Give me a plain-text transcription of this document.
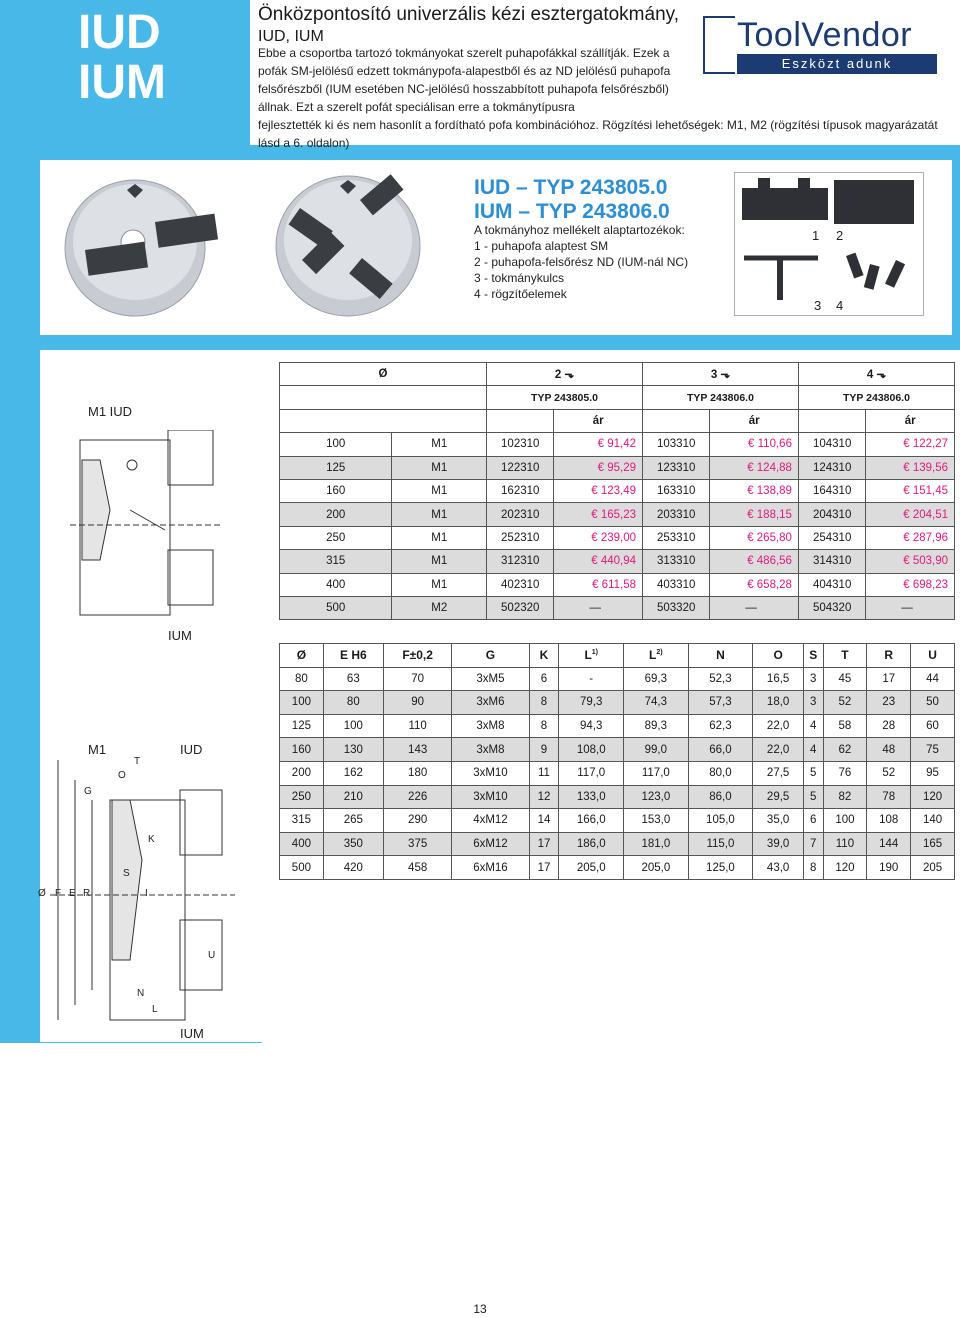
IUD
IUM
Önközpontosító univerzális kézi esztergatokmány,
IUD, IUM
Ebbe a csoportba tartozó tokmányokat szerelt puhapofákkal szállítják. Ezek a pofák SM-jelölésű edzett tokmánypofa-alapestből és az ND jelölésű puhapofa felsőrészből (IUM esetében NC-jelölésű hosszabbított puhapofa felsőrészből) állnak. Ezt a szerelt pofát speciálisan erre a tokmánytípusra
fejlesztették ki és nem hasonlít a fordítható pofa kombinációhoz. Rögzítési lehetőségek: M1, M2 (rögzítési típusok magyarázatát lásd a 6. oldalon)
ToolVendor
Eszközt adunk
IUD – TYP 243805.0
IUM – TYP 243806.0
A tokmányhoz mellékelt alaptartozékok:
1 - puhapofa alaptest SM
2 - puhapofa-felsőrész ND (IUM-nál NC)
3 - tokmánykulcs
4 - rögzítőelemek
1 2
3 4
M1 IUD
IUM
M1	IUD
T
O
G
K
S
Ø F E R	I
U
N
L
IUM
Ø		2 ⬎		3 ⬎		4 ⬎	
		TYP 243805.0		TYP 243806.0		TYP 243806.0	
			ár		ár		ár
100	M1	102310	€ 91,42	103310	€ 110,66	104310	€ 122,27
125	M1	122310	€ 95,29	123310	€ 124,88	124310	€ 139,56
160	M1	162310	€ 123,49	163310	€ 138,89	164310	€ 151,45
200	M1	202310	€ 165,23	203310	€ 188,15	204310	€ 204,51
250	M1	252310	€ 239,00	253310	€ 265,80	254310	€ 287,96
315	M1	312310	€ 440,94	313310	€ 486,56	314310	€ 503,90
400	M1	402310	€ 611,58	403310	€ 658,28	404310	€ 698,23
500	M2	502320	—	503320	—	504320	—
Ø	E H6	F±0,2	G	K	$L^{1)}$	$L^{2)}$	N	O	S	T	R	U
80	63	70	3xM5	6	-	69,3	52,3	16,5	3	45	17	44
100	80	90	3xM6	8	79,3	74,3	57,3	18,0	3	52	23	50
125	100	110	3xM8	8	94,3	89,3	62,3	22,0	4	58	28	60
160	130	143	3xM8	9	108,0	99,0	66,0	22,0	4	62	48	75
200	162	180	3xM10	11	117,0	117,0	80,0	27,5	5	76	52	95
250	210	226	3xM10	12	133,0	123,0	86,0	29,5	5	82	78	120
315	265	290	4xM12	14	166,0	153,0	105,0	35,0	6	100	108	140
400	350	375	6xM12	17	186,0	181,0	115,0	39,0	7	110	144	165
500	420	458	6xM16	17	205,0	205,0	125,0	43,0	8	120	190	205
13
